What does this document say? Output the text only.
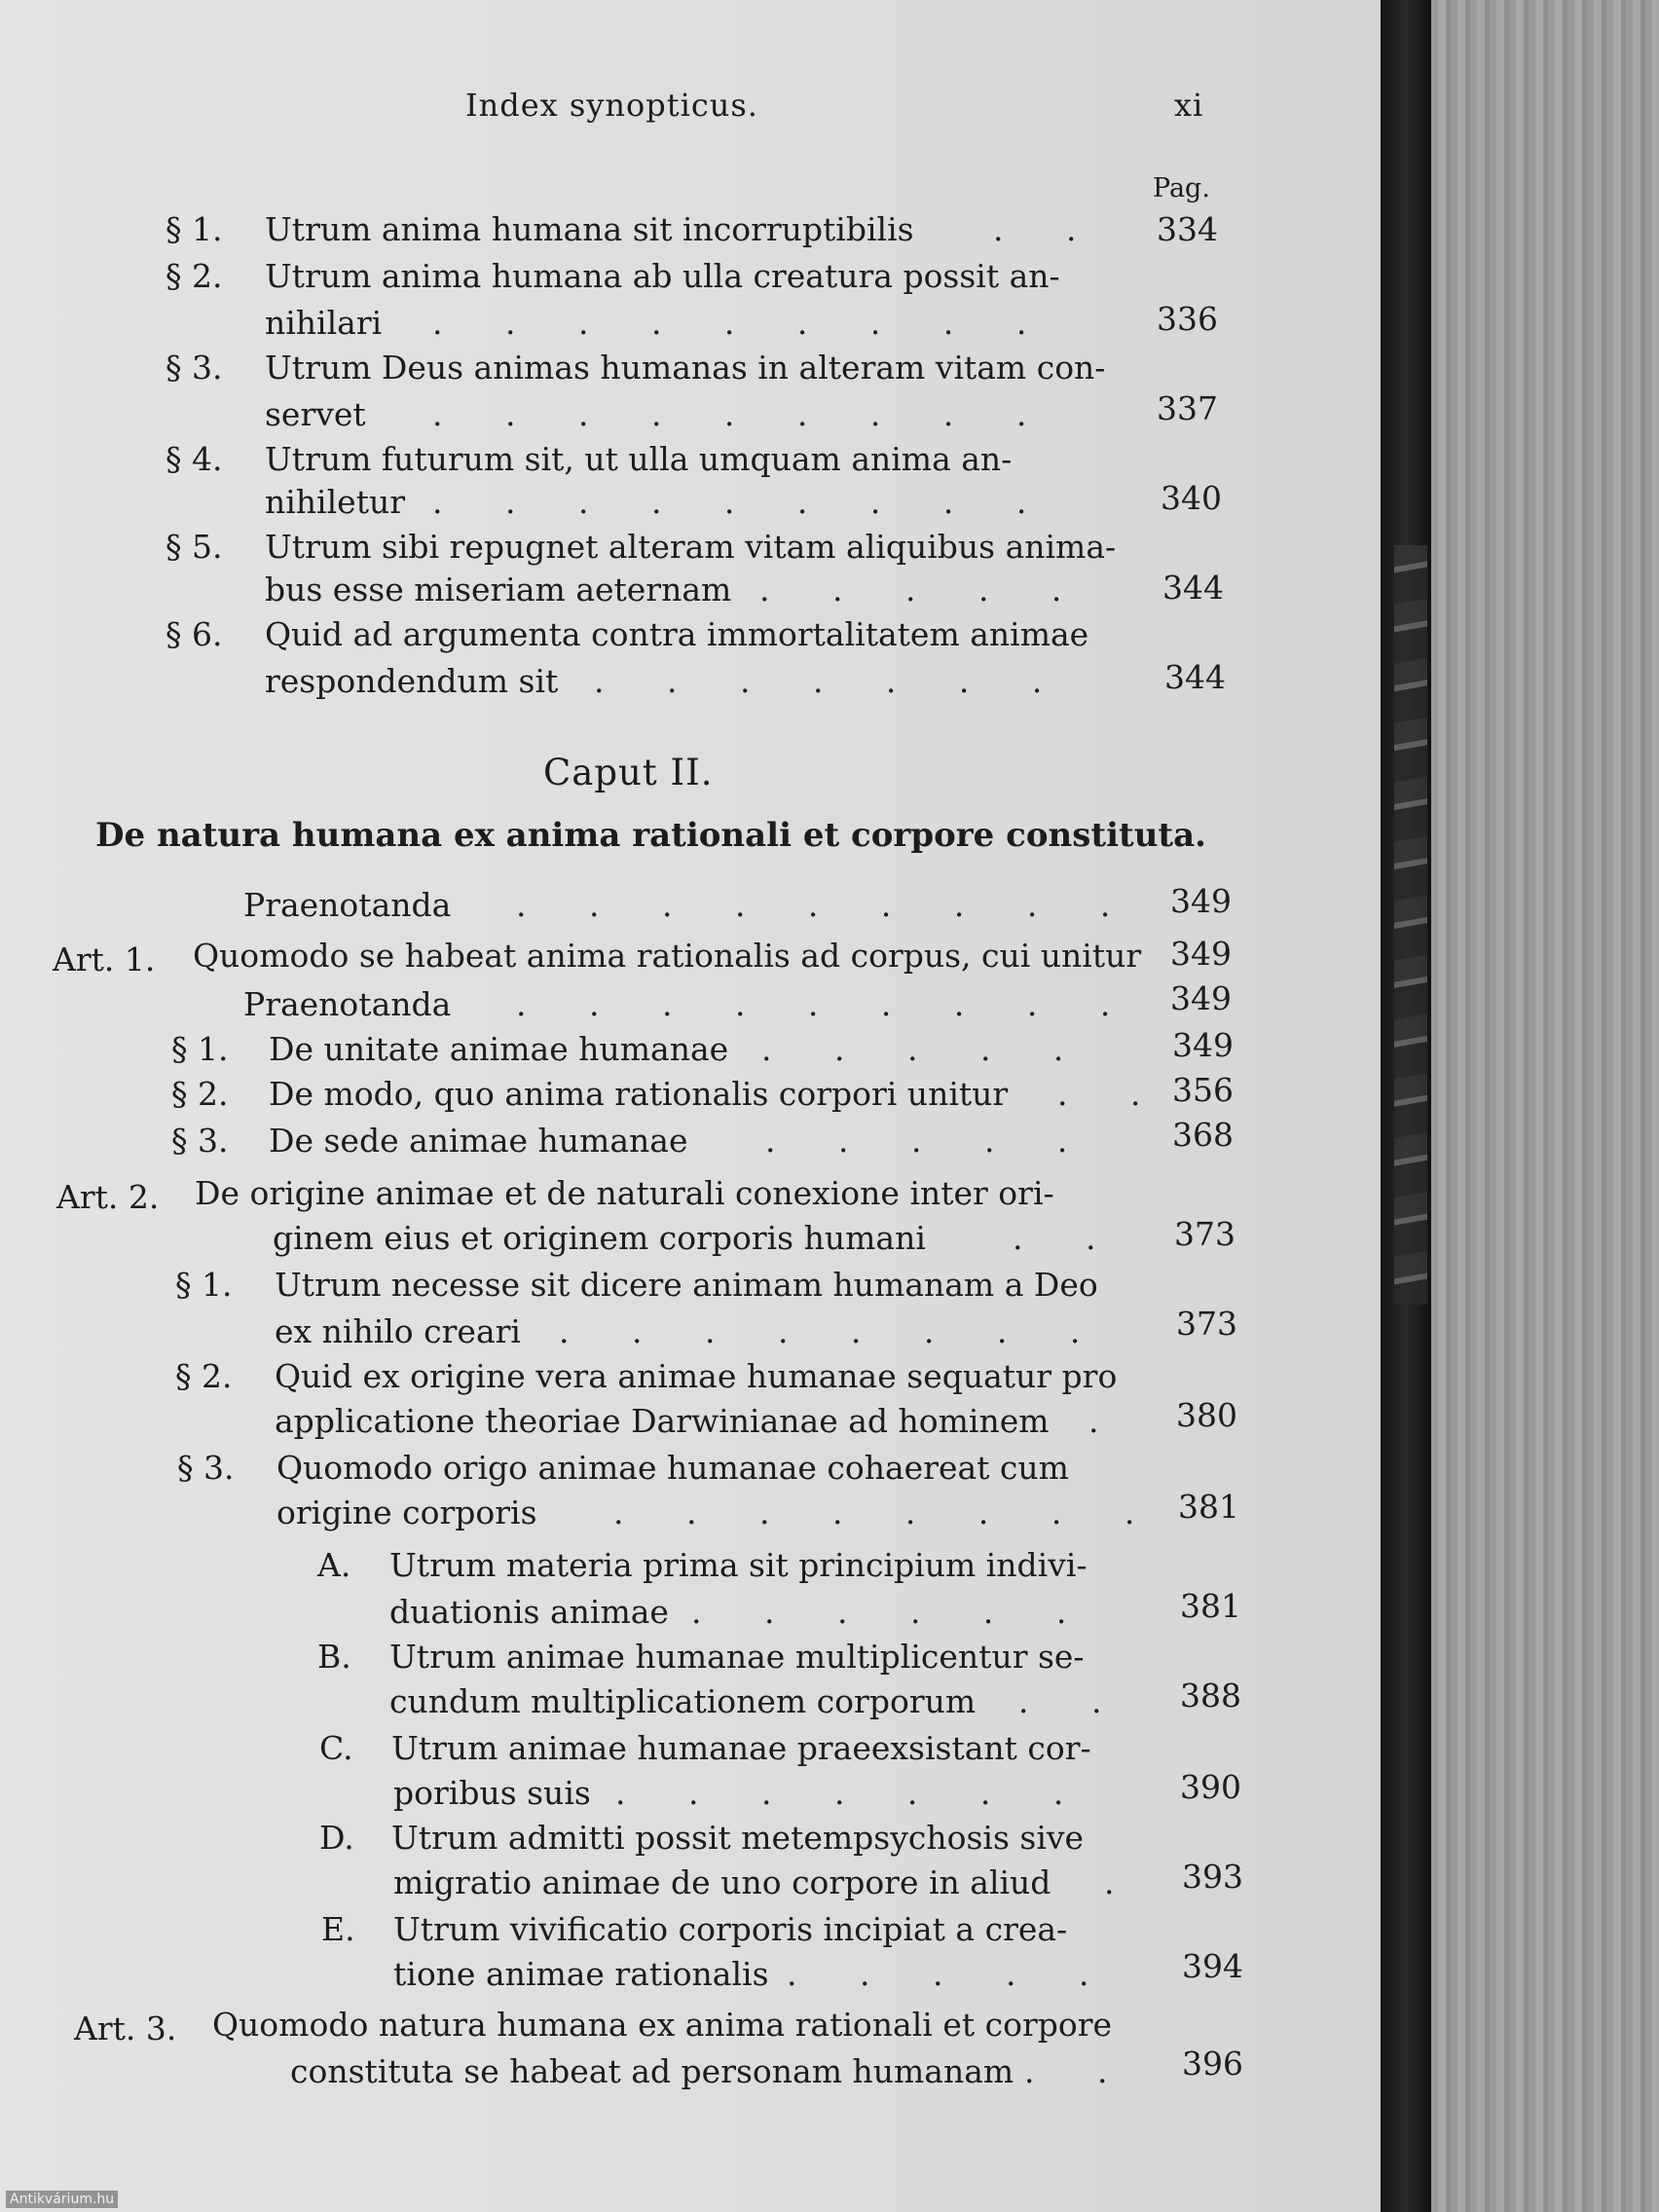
Index synopticus.	xi
Pag.
§ 1. Utrum anima humana sit incorruptibilis . . 334
§ 2. Utrum anima humana ab ulla creatura possit an-
nihilari . . . . . . . . .	336
§ 3. Utrum Deus animas humanas in alteram vitam con-
servet . . . . . . . . .	337
§ 4. Utrum futurum sit, ut ulla umquam anima an-
nihiletur . . . . . . . . .	340
§ 5. Utrum sibi repugnet alteram vitam aliquibus anima-
bus esse miseriam aeternam . . . . . 344
§ 6. Quid ad argumenta contra immortalitatem animae
respondendum sit . . . . . . .	344
Caput II.
De natura humana ex anima rationali et corpore constituta.
Praenotanda . . . . . . . . . 349
Art. 1. Quomodo se habeat anima rationalis ad corpus, cui unitur 349
Praenotanda . . . . . . . . . 349
§ 1. De unitate animae humanae . . . . .	349
§ 2. De modo, quo anima rationalis corpori unitur . . 356
§ 3. De sede animae humanae . . . . . 368
Art. 2. De origine animae et de naturali conexione inter ori-
ginem eius et originem corporis humani	. . 373
§ 1. Utrum necesse sit dicere animam humanam a Deo
ex nihilo creari . . . . . . . . 373
§ 2. Quid ex origine vera animae humanae sequatur pro
applicatione theoriae Darwinianae ad hominem . 380
§ 3. Quomodo origo animae humanae cohaereat cum
origine corporis . . . . . . . . 381
A. Utrum materia prima sit principium indivi-
duationis animae . . . . . .	381
B. Utrum animae humanae multiplicentur se-
cundum multiplicationem corporum . . 388
C. Utrum animae humanae praeexsistant cor-
poribus suis . . . . . . .	390
D. Utrum admitti possit metempsychosis sive
migratio animae de uno corpore in aliud . 393
E. Utrum vivificatio corporis incipiat a crea-
tione animae rationalis . . . . . 394
Art. 3. Quomodo natura humana ex anima rationali et corpore
constituta se habeat ad personam humanam . . 396
Antikvárium.hu
